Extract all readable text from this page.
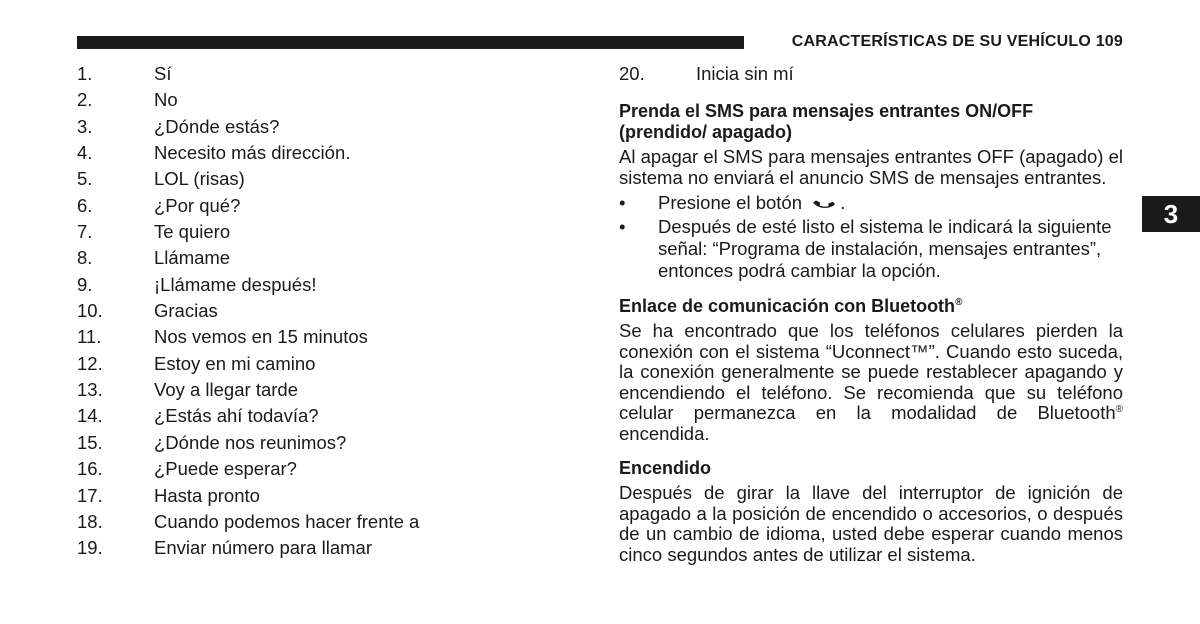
CARACTERÍSTICAS DE SU VEHÍCULO 109
1.	Sí
2.	No
3.	¿Dónde estás?
4.	Necesito más dirección.
5.	LOL (risas)
6.	¿Por qué?
7.	Te quiero
8.	Llámame
9.	¡Llámame después!
10.	Gracias
11.	Nos vemos en 15 minutos
12.	Estoy en mi camino
13.	Voy a llegar tarde
14.	¿Estás ahí todavía?
15.	¿Dónde nos reunimos?
16.	¿Puede esperar?
17.	Hasta pronto
18.	Cuando podemos hacer frente a
19.	Enviar número para llamar
20.	Inicia sin mí
Prenda el SMS para mensajes entrantes ON/OFF (prendido/ apagado)

Al apagar el SMS para mensajes entrantes OFF (apagado) el sistema no enviará el anuncio SMS de mensajes entrantes.

• Presione el botón .
• Después de esté listo el sistema le indicará la siguiente señal: “Programa de instalación, mensajes entrantes”, entonces podrá cambiar la opción.
Enlace de comunicación con Bluetooth®

Se ha encontrado que los teléfonos celulares pierden la conexión con el sistema “Uconnect™”. Cuando esto suceda, la conexión generalmente se puede restablecer apagando y encendiendo el teléfono. Se recomienda que su teléfono celular permanezca en la modalidad de Bluetooth® encendida.

Encendido

Después de girar la llave del interruptor de ignición de apagado a la posición de encendido o accesorios, o después de un cambio de idioma, usted debe esperar cuando menos cinco segundos antes de utilizar el sistema.

3
